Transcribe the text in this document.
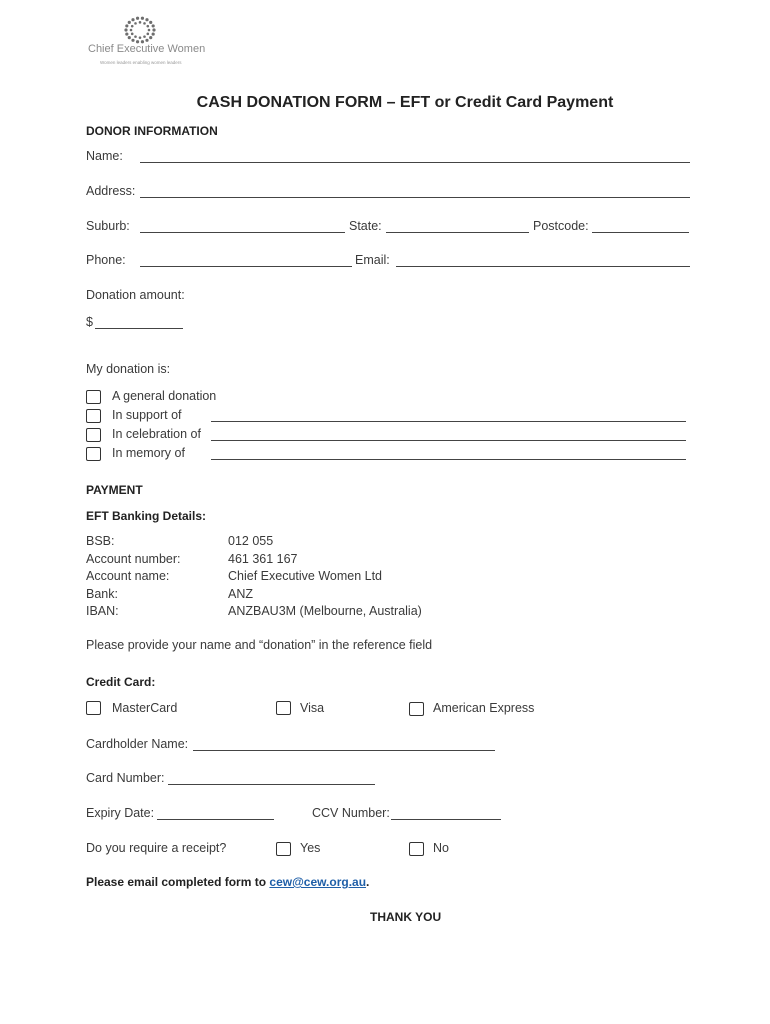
Chief Executive Women
Women leaders enabling women leaders
CASH DONATION FORM – EFT or Credit Card Payment
DONOR INFORMATION
Name:
Address:
Suburb:	State:	Postcode:
Phone:	Email:
Donation amount:
$
My donation is:
A general donation
In support of
In celebration of
In memory of
PAYMENT
EFT Banking Details:
BSB:	012 055
Account number:	461 361 167
Account name:	Chief Executive Women Ltd
Bank:	ANZ
IBAN:	ANZBAU3M (Melbourne, Australia)
Please provide your name and “donation” in the reference field
Credit Card:
MasterCard	Visa	American Express
Cardholder Name:
Card Number:
Expiry Date:	CCV Number:
Do you require a receipt?	Yes	No
Please email completed form to cew@cew.org.au.
THANK YOU
